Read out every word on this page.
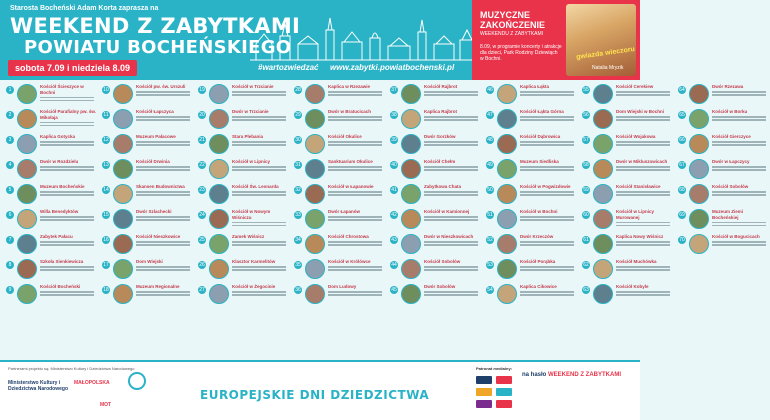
Starosta Bocheński Adam Korta zaprasza na
WEEKEND Z ZABYTKAMI
POWIATU BOCHEŃSKIEGO
sobota 7.09 i niedziela 8.09	#wartozwiedzać www.zabytki.powiatbochenski.pl
MUZYCZNE ZAKOŃCZENIE
WEEKENDU Z ZABYTKAMI
8.09, w programie koncerty i atrakcje dla dzieci, Park Rodziny Dziewiąch w Bochni.	gwiazda wieczoru
Natalia Mryzik
1
Kościół Ścieszyce w Bochni
2
Kościół Parafialny pw. św. Mikołaja
3
Kaplica Gotycka
4
Dwór w Rozdzielu
5
Muzeum Bocheńskie
6
Willa Benedyktów
7
Zabytek Pałacu
8
Szkoła Sienkiewicza
9
Kościół Bocheński
10
Kościół pw. św. Urszuli
11
Kościół Łapczyca
12
Muzeum Pałacowe
13
Kościół Drwinia
14
Skansen Budownictwa
15
Dwór Szlachecki
16
Kościół Nieszkowice
17
Dom Wiejski
18
Muzeum Regionalne
19
Kościół w Trzcianie
20
Dwór w Trzcianie
21
Stara Plebania
22
Kościół w Lipnicy
23
Kościół Św. Leonarda
24
Kościół w Nowym Wiśniczu
25
Zamek Wiśnicz
26
Klasztor Karmelitów
27
Kościół w Żegocinie
28
Kaplica w Rzezawie
29
Dwór w Bratucicach
30
Kościół Okulice
31
Sanktuarium Okulice
32
Kościół w Łapanowie
33
Dwór Łapanów
34
Kościół Chrostowa
35
Kościół w Królówce
36
Dom Ludowy
37
Kościół Rajbrot
38
Kaplica Rajbrot
39
Dwór Gorzków
40
Kościół Chełm
41
Zabytkowa Chata
42
Kościół w Kamionnej
43
Dwór w Nieszkowicach
44
Kościół Sobolów
45
Dwór Sobolów
46
Kaplica Łąkta
47
Kościół Łąkta Górna
48
Kościół Dąbrowica
49
Muzeum Siedliska
50
Kościół w Pogwizdowie
51
Kościół w Bochni
52
Dwór Krzeczów
53
Kościół Porąbka
54
Kaplica Cikowice
55
Kościół Cerekiew
56
Dom Wiejski w Bochni
57
Kościół Wojakowa
58
Dwór w Mikluszowicach
59
Kościół Stanisławice
60
Kościół w Lipnicy Murowanej
61
Kaplica Nowy Wiśnicz
62
Kościół Muchówka
63
Kościół Kobyle
64
Dwór Rzezawa
65
Kościół w Borku
66
Kościół Gierczyce
67
Dwór w Łapczycy
68
Kościół Sobolów
69
Muzeum Ziemi Bocheńskiej
70
Kościół w Bogucicach
Partnerami projektu są: Ministerstwo Kultury i Dziedzictwa Narodowego
Ministerstwo Kultury i Dziedzictwa Narodowego
MAŁOPOLSKA
MOT
EUROPEJSKIE DNI DZIEDZICTWA
Patronat medialny:
na hasło WEEKEND Z ZABYTKAMI
